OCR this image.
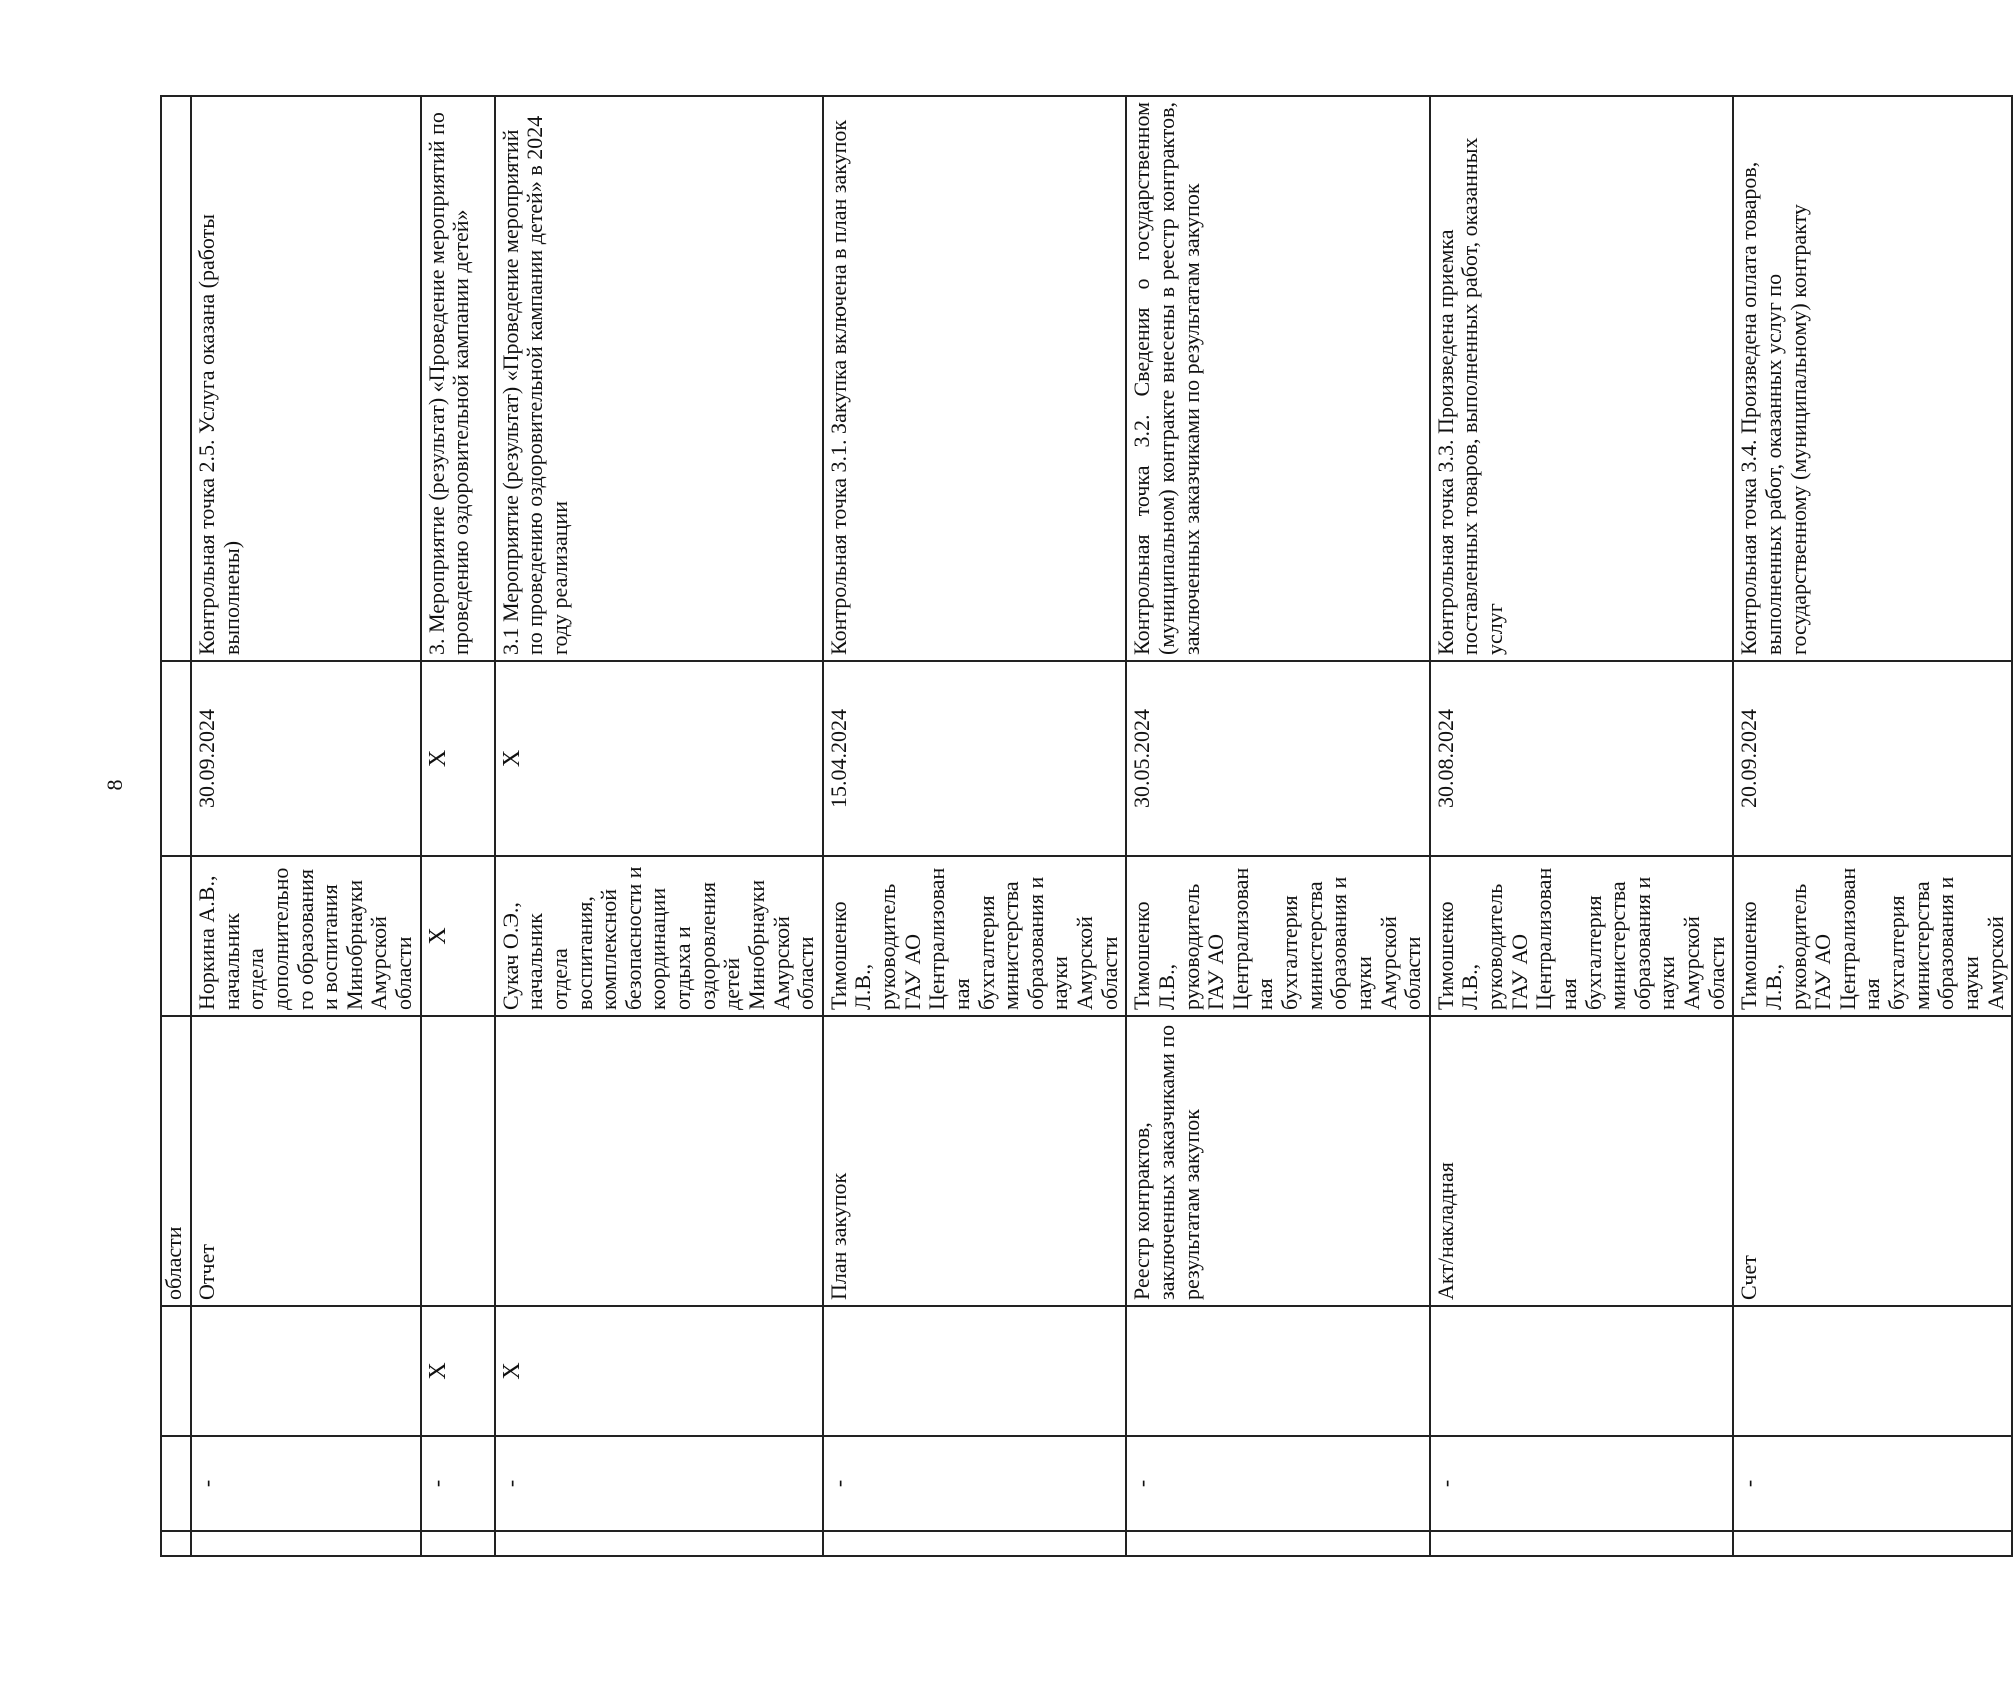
8
			области			
	-		Отчет	Норкина А.В., начальник отдела дополнительного образования и воспитания Минобрнауки Амурской области	30.09.2024	Контрольная точка 2.5. Услуга оказана (работы выполнены)
	-	X		X	X	3. Мероприятие (результат) «Проведение мероприятий по проведению оздоровительной кампании детей»
	-	X		Сукач О.Э., начальник отдела воспитания, комплексной безопасности и координации отдыха и оздоровления детей Минобрнауки Амурской области	X	3.1 Мероприятие (результат) «Проведение мероприятий по проведению оздоровительной кампании детей» в 2024 году реализации
	-		План закупок	Тимошенко Л.В., руководитель ГАУ АО Централизованная бухгалтерия министерства образования и науки Амурской области	15.04.2024	Контрольная точка 3.1. Закупка включена в план закупок
	-		Реестр контрактов, заключенных заказчиками по результатам закупок	Тимошенко Л.В., руководитель ГАУ АО Централизованная бухгалтерия министерства образования и науки Амурской области	30.05.2024	Контрольная точка 3.2. Сведения о государственном (муниципальном) контракте внесены в реестр контрактов, заключенных заказчиками по результатам закупок
	-		Акт/накладная	Тимошенко Л.В., руководитель ГАУ АО Централизованная бухгалтерия министерства образования и науки Амурской области	30.08.2024	Контрольная точка 3.3. Произведена приемка поставленных товаров, выполненных работ, оказанных услуг
	-		Счет	Тимошенко Л.В., руководитель ГАУ АО Централизованная бухгалтерия министерства образования и науки Амурской	20.09.2024	Контрольная точка 3.4. Произведена оплата товаров, выполненных работ, оказанных услуг по государственному (муниципальному) контракту
